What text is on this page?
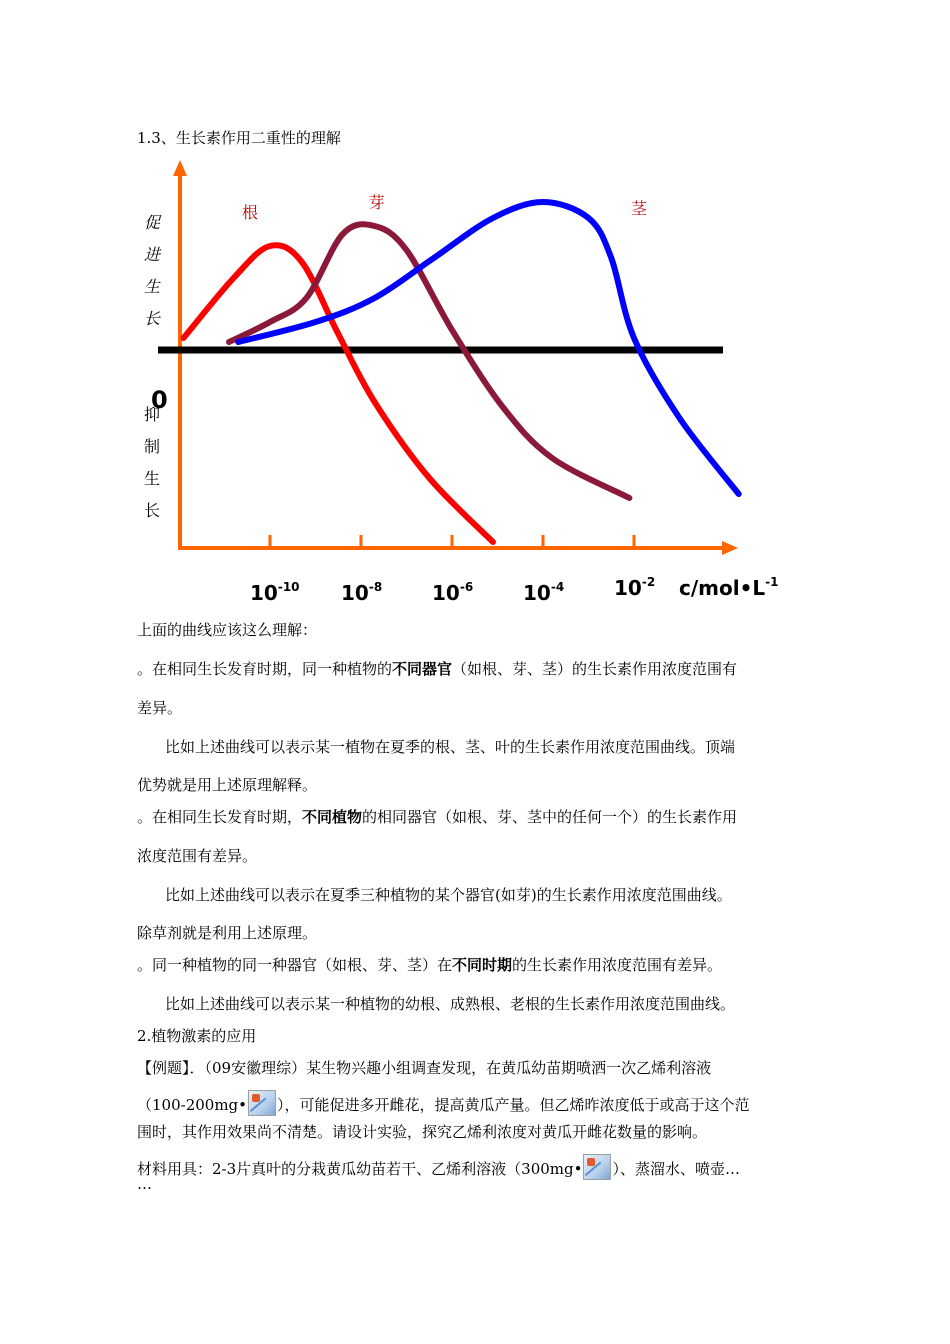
1.3、生长素作用二重性的理解
根
芽	茎
$10^{-10}$ $10^{-8}$ $10^{-6}$ $10^{-4}$ $10^{-2}$ $c/mol•L^{-1}$
0
促
进
生
长
抑
制
生
长
上面的曲线应该这么理解：
。在相同生长发育时期，同一种植物的不同器官（如根、芽、茎）的生长素作用浓度范围有
差异。
比如上述曲线可以表示某一植物在夏季的根、茎、叶的生长素作用浓度范围曲线。顶端
优势就是用上述原理解释。
。在相同生长发育时期，不同植物的相同器官（如根、芽、茎中的任何一个）的生长素作用
浓度范围有差异。
比如上述曲线可以表示在夏季三种植物的某个器官(如芽)的生长素作用浓度范围曲线。
除草剂就是利用上述原理。
。同一种植物的同一种器官（如根、芽、茎）在不同时期的生长素作用浓度范围有差异。
比如上述曲线可以表示某一种植物的幼根、成熟根、老根的生长素作用浓度范围曲线。
2.植物激素的应用
【例题】．（09安徽理综）某生物兴趣小组调查发现，在黄瓜幼苗期喷洒一次乙烯利溶液
（100-200mg• ），可能促进多开雌花，提高黄瓜产量。但乙烯昨浓度低于或高于这个范
围时，其作用效果尚不清楚。请设计实验，探究乙烯利浓度对黄瓜开雌花数量的影响。
材料用具：2-3片真叶的分栽黄瓜幼苗若干、乙烯利溶液（300mg• ）、蒸溜水、喷壶…
…
